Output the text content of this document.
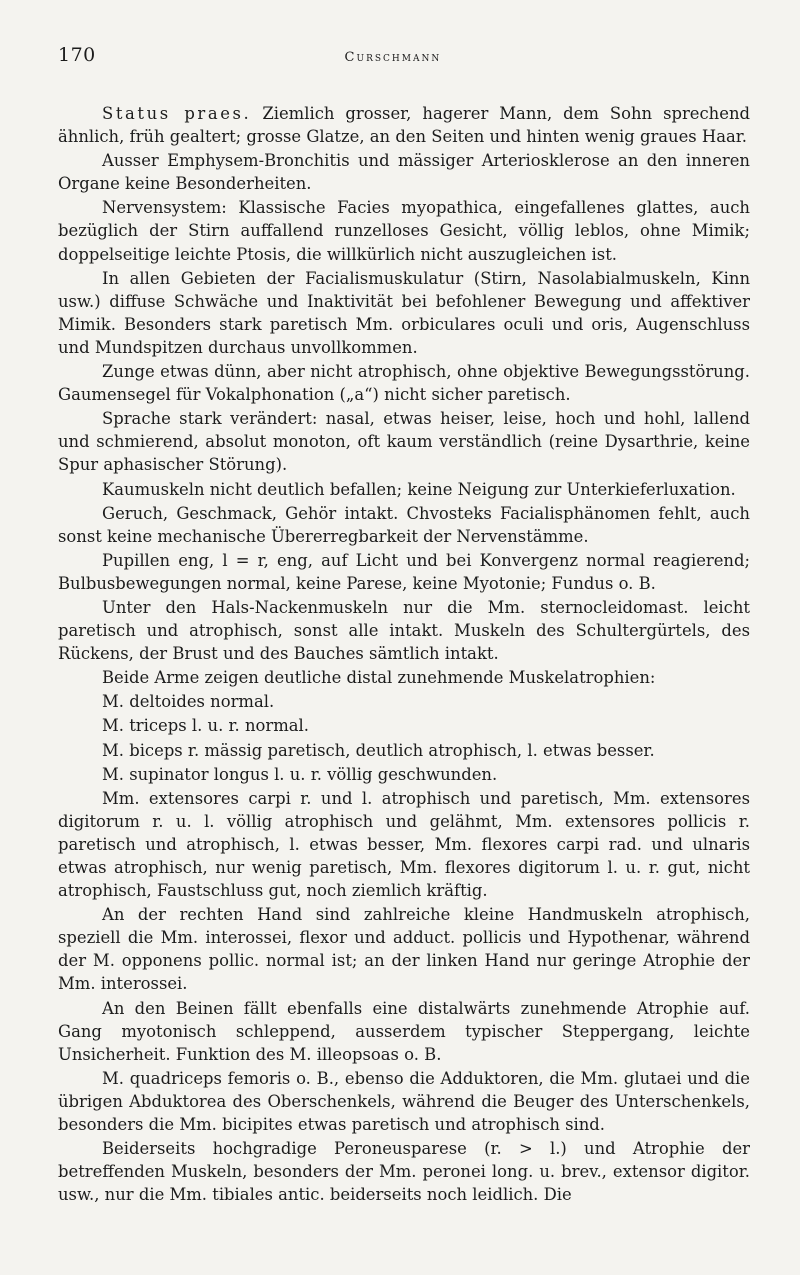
170	Curschmann

Status praes. Ziemlich grosser, hagerer Mann, dem Sohn sprechend ähnlich, früh gealtert; grosse Glatze, an den Seiten und hinten wenig graues Haar.

Ausser Emphysem-Bronchitis und mässiger Arteriosklerose an den inneren Organe keine Besonderheiten.

Nervensystem: Klassische Facies myopathica, eingefallenes glattes, auch bezüglich der Stirn auffallend runzelloses Gesicht, völlig leblos, ohne Mimik; doppelseitige leichte Ptosis, die willkürlich nicht auszugleichen ist.

In allen Gebieten der Facialismuskulatur (Stirn, Nasolabialmuskeln, Kinn usw.) diffuse Schwäche und Inaktivität bei befohlener Bewegung und affektiver Mimik. Besonders stark paretisch Mm. orbiculares oculi und oris, Augenschluss und Mundspitzen durchaus unvollkommen.

Zunge etwas dünn, aber nicht atrophisch, ohne objektive Bewegungsstörung. Gaumensegel für Vokalphonation („a“) nicht sicher paretisch.

Sprache stark verändert: nasal, etwas heiser, leise, hoch und hohl, lallend und schmierend, absolut monoton, oft kaum verständlich (reine Dysarthrie, keine Spur aphasischer Störung).

Kaumuskeln nicht deutlich befallen; keine Neigung zur Unterkieferluxation.

Geruch, Geschmack, Gehör intakt. Chvosteks Facialisphänomen fehlt, auch sonst keine mechanische Übererregbarkeit der Nervenstämme.

Pupillen eng, l = r, eng, auf Licht und bei Konvergenz normal reagierend; Bulbusbewegungen normal, keine Parese, keine Myotonie; Fundus o. B.

Unter den Hals-Nackenmuskeln nur die Mm. sternocleidomast. leicht paretisch und atrophisch, sonst alle intakt. Muskeln des Schultergürtels, des Rückens, der Brust und des Bauches sämtlich intakt.

Beide Arme zeigen deutliche distal zunehmende Muskelatrophien:

M. deltoides normal.

M. triceps l. u. r. normal.

M. biceps r. mässig paretisch, deutlich atrophisch, l. etwas besser.

M. supinator longus l. u. r. völlig geschwunden.

Mm. extensores carpi r. und l. atrophisch und paretisch, Mm. extensores digitorum r. u. l. völlig atrophisch und gelähmt, Mm. extensores pollicis r. paretisch und atrophisch, l. etwas besser, Mm. flexores carpi rad. und ulnaris etwas atrophisch, nur wenig paretisch, Mm. flexores digitorum l. u. r. gut, nicht atrophisch, Faustschluss gut, noch ziemlich kräftig.

An der rechten Hand sind zahlreiche kleine Handmuskeln atrophisch, speziell die Mm. interossei, flexor und adduct. pollicis und Hypothenar, während der M. opponens pollic. normal ist; an der linken Hand nur geringe Atrophie der Mm. interossei.

An den Beinen fällt ebenfalls eine distalwärts zunehmende Atrophie auf. Gang myotonisch schleppend, ausserdem typischer Steppergang, leichte Unsicherheit. Funktion des M. illeopsoas o. B.

M. quadriceps femoris o. B., ebenso die Adduktoren, die Mm. glutaei und die übrigen Abduktorea des Oberschenkels, während die Beuger des Unterschenkels, besonders die Mm. bicipites etwas paretisch und atrophisch sind.

Beiderseits hochgradige Peroneusparese (r. > l.) und Atrophie der betreffenden Muskeln, besonders der Mm. peronei long. u. brev., extensor digitor. usw., nur die Mm. tibiales antic. beiderseits noch leidlich. Die
